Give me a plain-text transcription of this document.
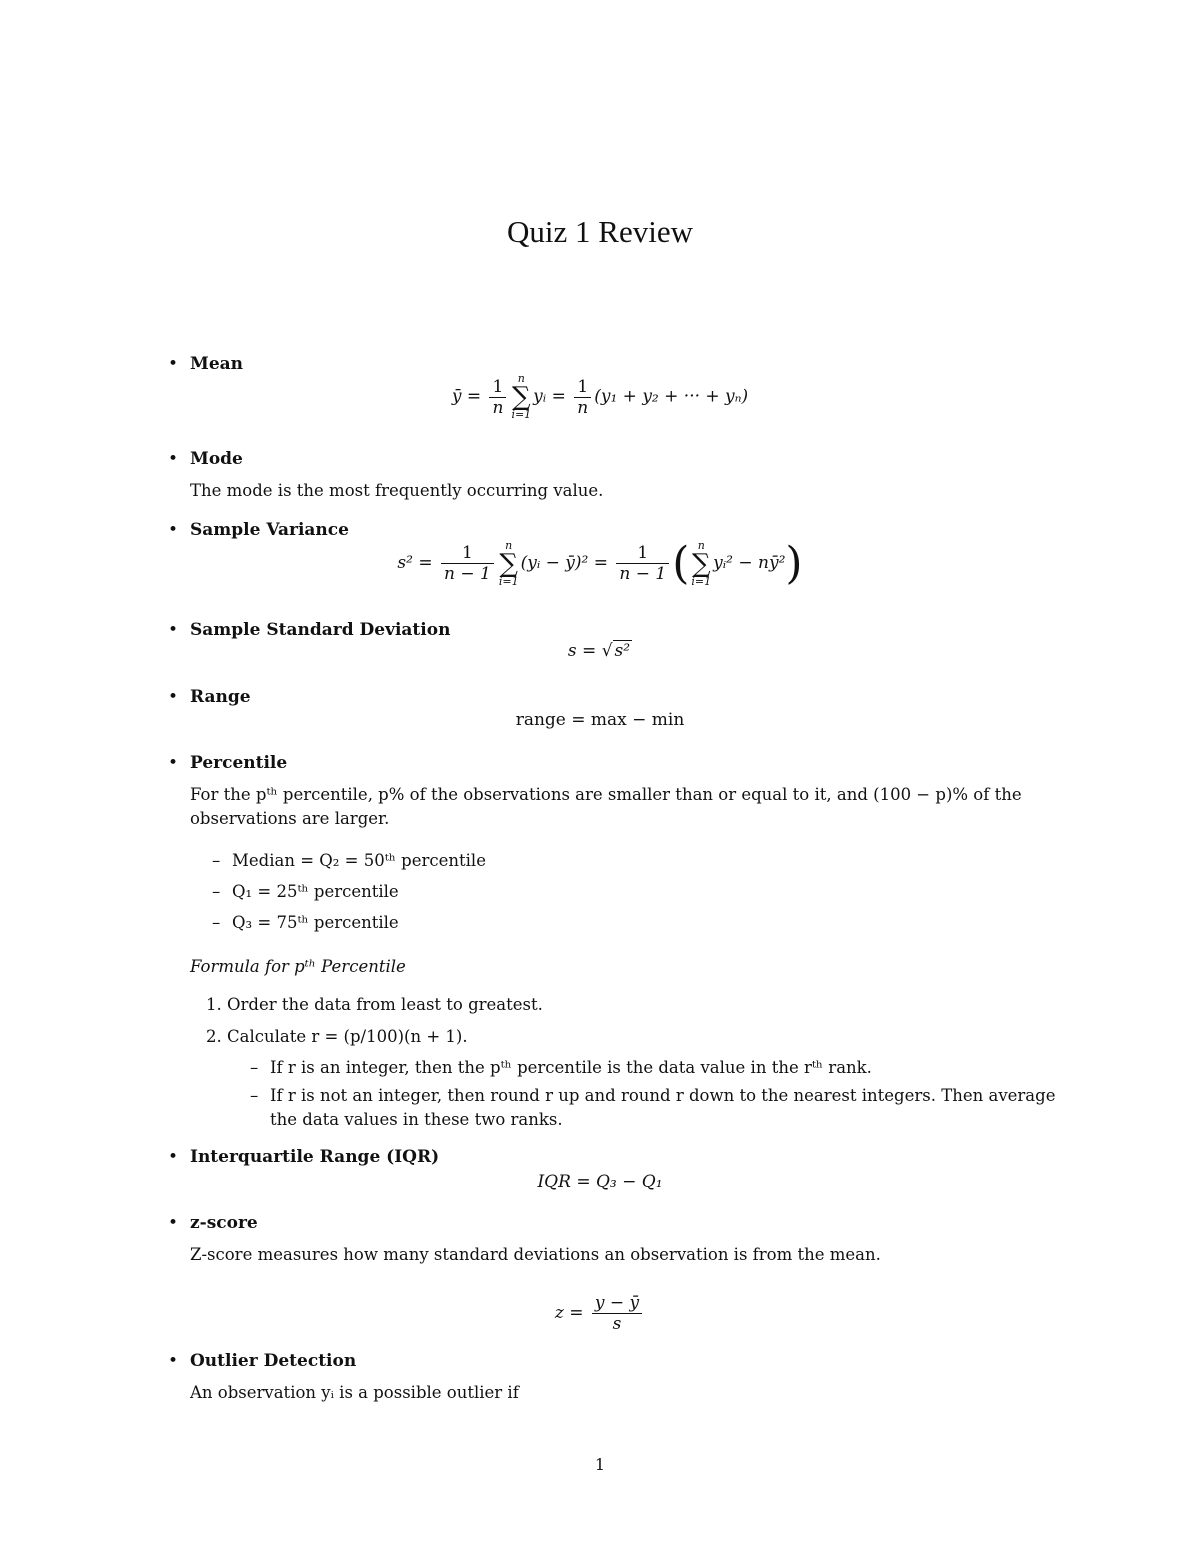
Quiz 1 Review
• Mean
ȳ = $\frac{1}{n}$	n
∑
i=1
yᵢ = $\frac{1}{n} (y_1 + y_2$ + ··· + yₙ)
• Mode
The mode is the most frequently occurring value.
• Sample Variance
$s^2 = \frac{1}{n - 1}$	n
∑
i=1
(yᵢ − ȳ)² = $\frac{1}{n - 1}$ ( n
∑
i=1
yᵢ² − nȳ²)
• Sample Standard Deviation
s = √ s²
• Range
range = max − min
• Percentile
For the pᵗʰ percentile, p% of the observations are smaller than or equal to it, and (100 − p)% of the
observations are larger.
– Median = Q₂ = 50ᵗʰ percentile
– Q₁ = 25ᵗʰ percentile
– Q₃ = 75ᵗʰ percentile
Formula for pᵗʰ Percentile
1. Order the data from least to greatest.
2. Calculate r = (p/100)(n + 1).
– If r is an integer, then the pᵗʰ percentile is the data value in the rᵗʰ rank.
– If r is not an integer, then round r up and round r down to the nearest integers. Then average
the data values in these two ranks.
• Interquartile Range (IQR)
IQR = Q₃ − Q₁
• z-score
Z-score measures how many standard deviations an observation is from the mean.
$z = \frac{y - ȳ}{s}$
• Outlier Detection
An observation yᵢ is a possible outlier if
1
